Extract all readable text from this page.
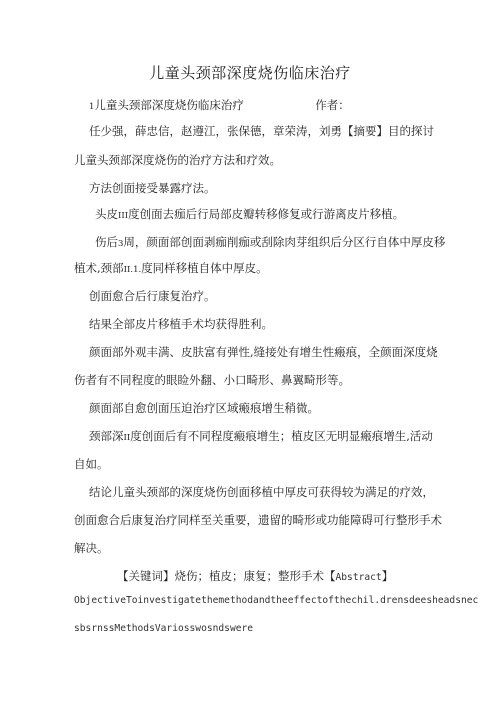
儿童头颈部深度烧伤临床治疗
1儿童头颈部深度烧伤临床治疗	作者：
任少强，薛忠信，赵遵江，张保德，章荣涛，刘勇【摘要】目的探讨
儿童头颈部深度烧伤的治疗方法和疗效。
方法创面接受暴露疗法。
头皮III度创面去痂后行局部皮瓣转移修复或行游离皮片移植。
伤后3周，颜面部创面剥痂削痂或刮除肉芽组织后分区行自体中厚皮移
植术,颈部II.1.度同样移植自体中厚皮。
创面愈合后行康复治疗。
结果全部皮片移植手术均获得胜利。
颜面部外观丰满、皮肤富有弹性,缝接处有增生性瘢痕，全颜面深度烧
伤者有不同程度的眼睑外翻、小口畸形、鼻翼畸形等。
颜面部自愈创面压迫治疗区域瘢痕增生稍微。
颈部深II度创面后有不同程度瘢痕增生；植皮区无明显瘢痕增生,活动
自如。
结论儿童头颈部的深度烧伤创面移植中厚皮可获得较为满足的疗效，
创面愈合后康复治疗同样至关重要，遗留的畸形或功能障碍可行整形手术
解决。
【关键词】烧伤；植皮；康复；整形手术【Abstract】
ObjectiveToinvestigatethemethodandtheeffectofthechil.drensdeesheadsnec
sbsrnssMethodsVariosswosndswere
